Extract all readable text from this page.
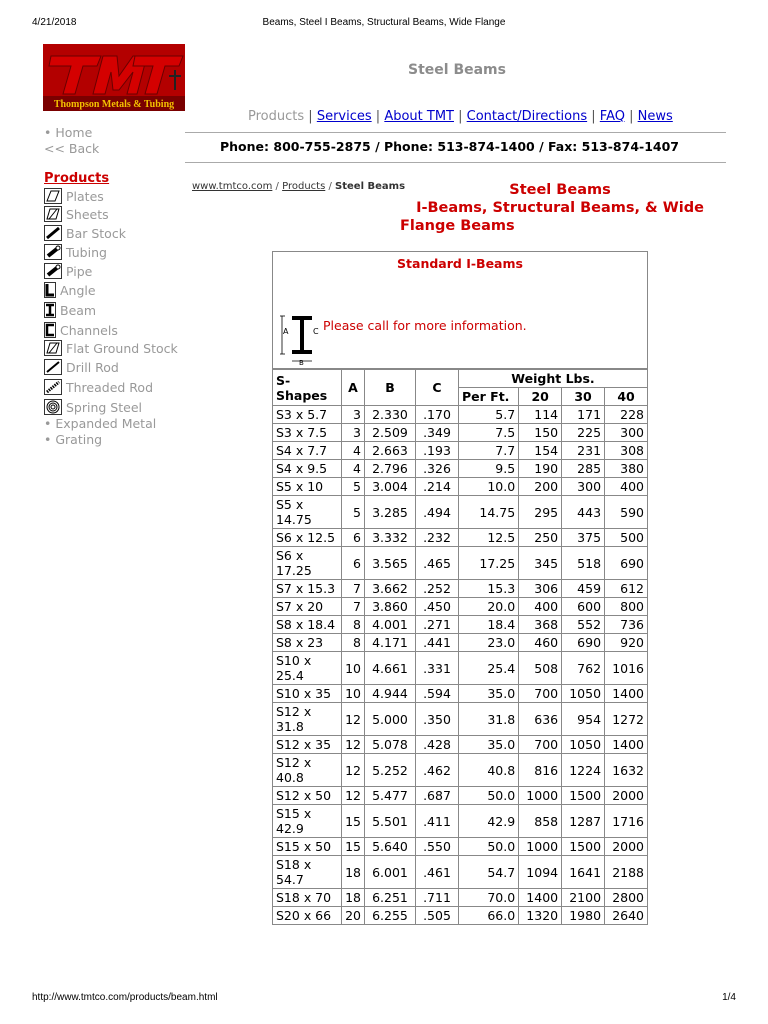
4/21/2018	Beams, Steel I Beams, Structural Beams, Wide Flange
http://www.tmtco.com/products/beam.html	1/4
Thompson Metals & Tubing
Steel Beams
Products | Services | About TMT | Contact/Directions | FAQ | News
Phone: 800-755-2875 / Phone: 513-874-1400 / Fax: 513-874-1407
• Home
<< Back
Products
Plates
Sheets
Bar Stock
Tubing
Pipe
Angle
Beam
Channels
Flat Ground Stock
Drill Rod
Threaded Rod
Spring Steel
• Expanded Metal
• Grating
www.tmtco.com / Products / Steel Beams	Steel Beams
I-Beams, Structural Beams, & Wide
Flange Beams
Standard I-Beams
A	C
B
Please call for more information.
S-Shapes	A	B	C	Weight Lbs.			
				Per Ft.	20	30	40
S3 x 5.7	3	2.330	.170	5.7	114	171	228
S3 x 7.5	3	2.509	.349	7.5	150	225	300
S4 x 7.7	4	2.663	.193	7.7	154	231	308
S4 x 9.5	4	2.796	.326	9.5	190	285	380
S5 x 10	5	3.004	.214	10.0	200	300	400
S5 x 14.75	5	3.285	.494	14.75	295	443	590
S6 x 12.5	6	3.332	.232	12.5	250	375	500
S6 x 17.25	6	3.565	.465	17.25	345	518	690
S7 x 15.3	7	3.662	.252	15.3	306	459	612
S7 x 20	7	3.860	.450	20.0	400	600	800
S8 x 18.4	8	4.001	.271	18.4	368	552	736
S8 x 23	8	4.171	.441	23.0	460	690	920
S10 x 25.4	10	4.661	.331	25.4	508	762	1016
S10 x 35	10	4.944	.594	35.0	700	1050	1400
S12 x 31.8	12	5.000	.350	31.8	636	954	1272
S12 x 35	12	5.078	.428	35.0	700	1050	1400
S12 x 40.8	12	5.252	.462	40.8	816	1224	1632
S12 x 50	12	5.477	.687	50.0	1000	1500	2000
S15 x 42.9	15	5.501	.411	42.9	858	1287	1716
S15 x 50	15	5.640	.550	50.0	1000	1500	2000
S18 x 54.7	18	6.001	.461	54.7	1094	1641	2188
S18 x 70	18	6.251	.711	70.0	1400	2100	2800
S20 x 66	20	6.255	.505	66.0	1320	1980	2640
